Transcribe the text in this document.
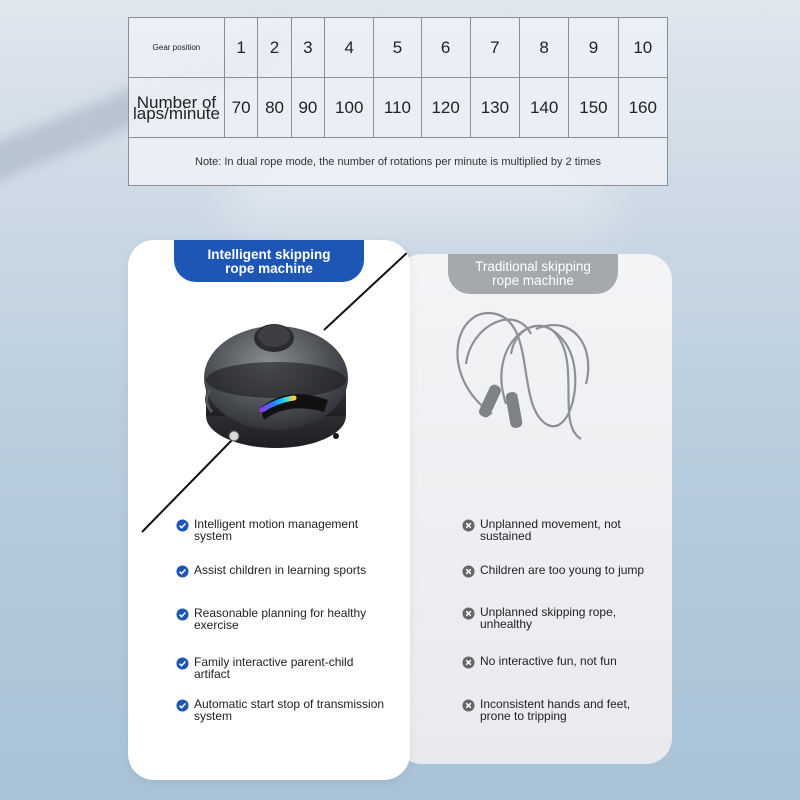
Gear position	1	2	3	4	5	6	7	8	9	10
Number of laps/minute	70	80	90	100	110	120	130	140	150	160
Note: In dual rope mode, the number of rotations per minute is multiplied by 2 times										
Traditional skipping
rope machine
Unplanned movement, not
sustained
Children are too young to jump
Unplanned skipping rope,
unhealthy
No interactive fun, not fun
Inconsistent hands and feet,
prone to tripping
Intelligent skipping
rope machine
Intelligent motion management
system
Assist children in learning sports
Reasonable planning for healthy
exercise
Family interactive parent-child
artifact
Automatic start stop of transmission
system
